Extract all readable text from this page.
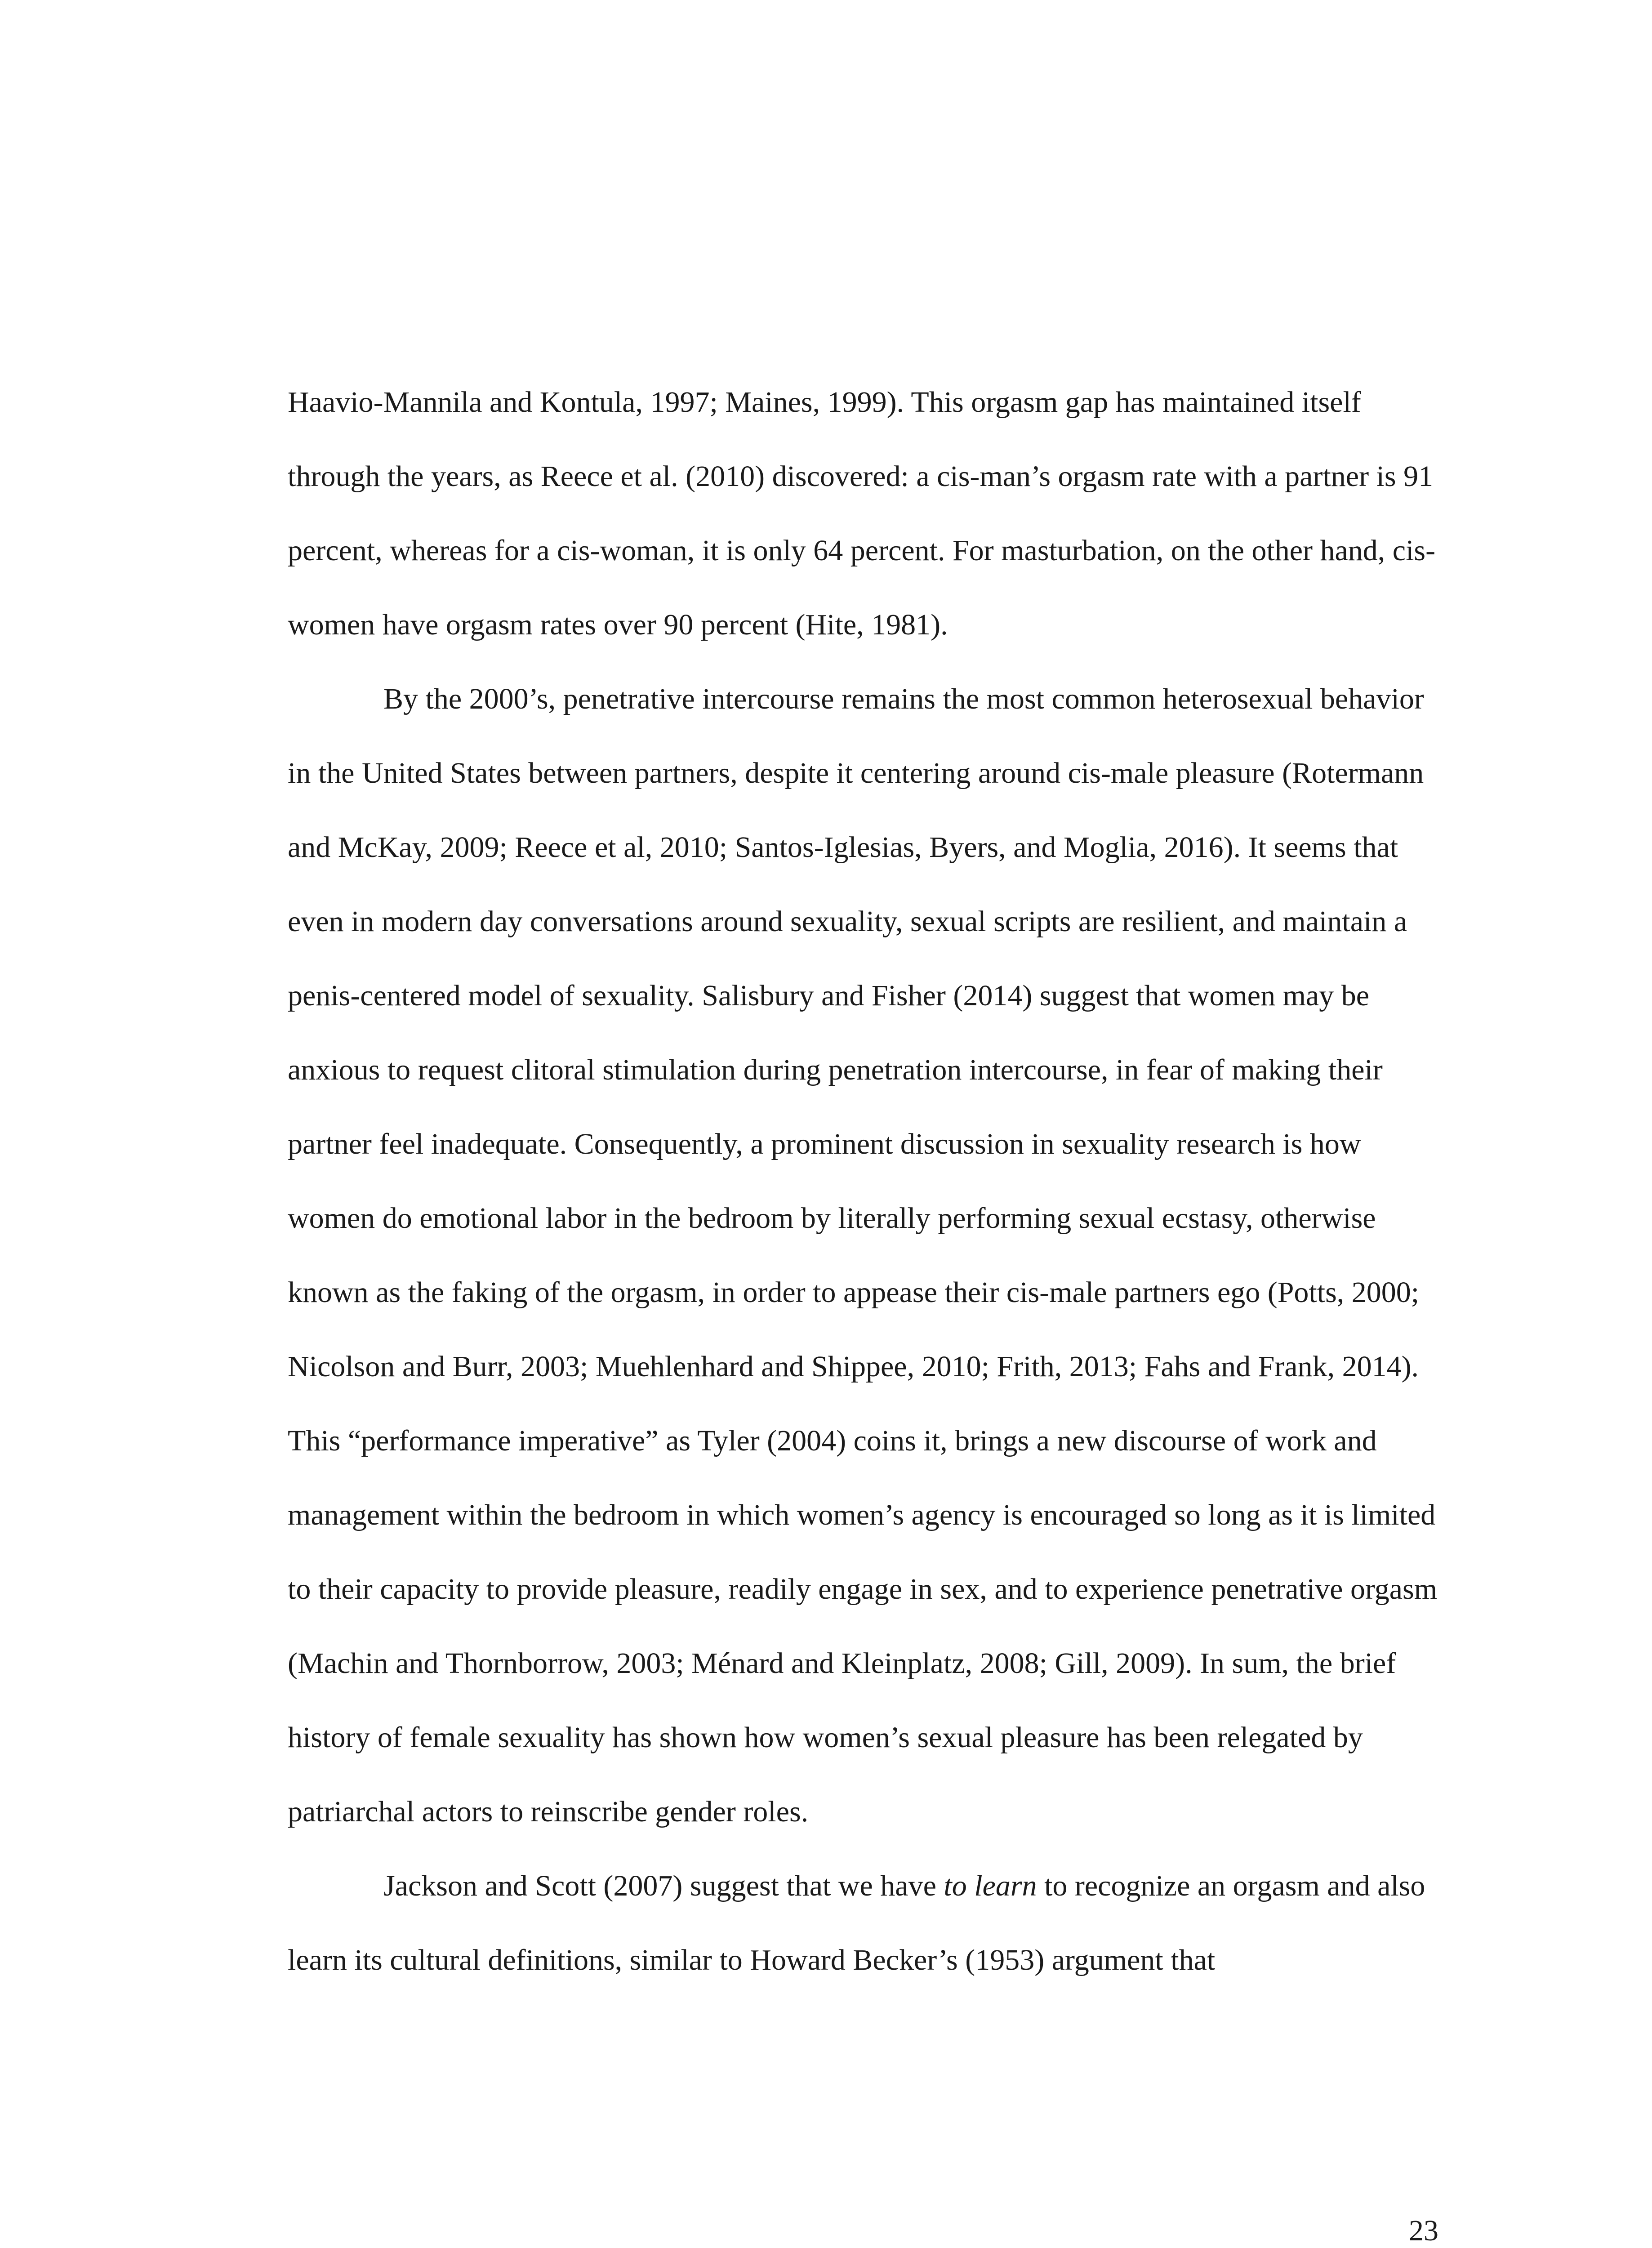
Haavio-Mannila and Kontula, 1997; Maines, 1999). This orgasm gap has maintained itself through the years, as Reece et al. (2010) discovered: a cis-man’s orgasm rate with a partner is 91 percent, whereas for a cis-woman, it is only 64 percent. For masturbation, on the other hand, cis-women have orgasm rates over 90 percent (Hite, 1981).

By the 2000’s, penetrative intercourse remains the most common heterosexual behavior in the United States between partners, despite it centering around cis-male pleasure (Rotermann and McKay, 2009; Reece et al, 2010; Santos-Iglesias, Byers, and Moglia, 2016). It seems that even in modern day conversations around sexuality, sexual scripts are resilient, and maintain a penis-centered model of sexuality. Salisbury and Fisher (2014) suggest that women may be anxious to request clitoral stimulation during penetration intercourse, in fear of making their partner feel inadequate. Consequently, a prominent discussion in sexuality research is how women do emotional labor in the bedroom by literally performing sexual ecstasy, otherwise known as the faking of the orgasm, in order to appease their cis-male partners ego (Potts, 2000; Nicolson and Burr, 2003; Muehlenhard and Shippee, 2010; Frith, 2013; Fahs and Frank, 2014). This “performance imperative” as Tyler (2004) coins it, brings a new discourse of work and management within the bedroom in which women’s agency is encouraged so long as it is limited to their capacity to provide pleasure, readily engage in sex, and to experience penetrative orgasm (Machin and Thornborrow, 2003; Ménard and Kleinplatz, 2008; Gill, 2009). In sum, the brief history of female sexuality has shown how women’s sexual pleasure has been relegated by patriarchal actors to reinscribe gender roles.

Jackson and Scott (2007) suggest that we have to learn to recognize an orgasm and also learn its cultural definitions, similar to Howard Becker’s (1953) argument that

23
